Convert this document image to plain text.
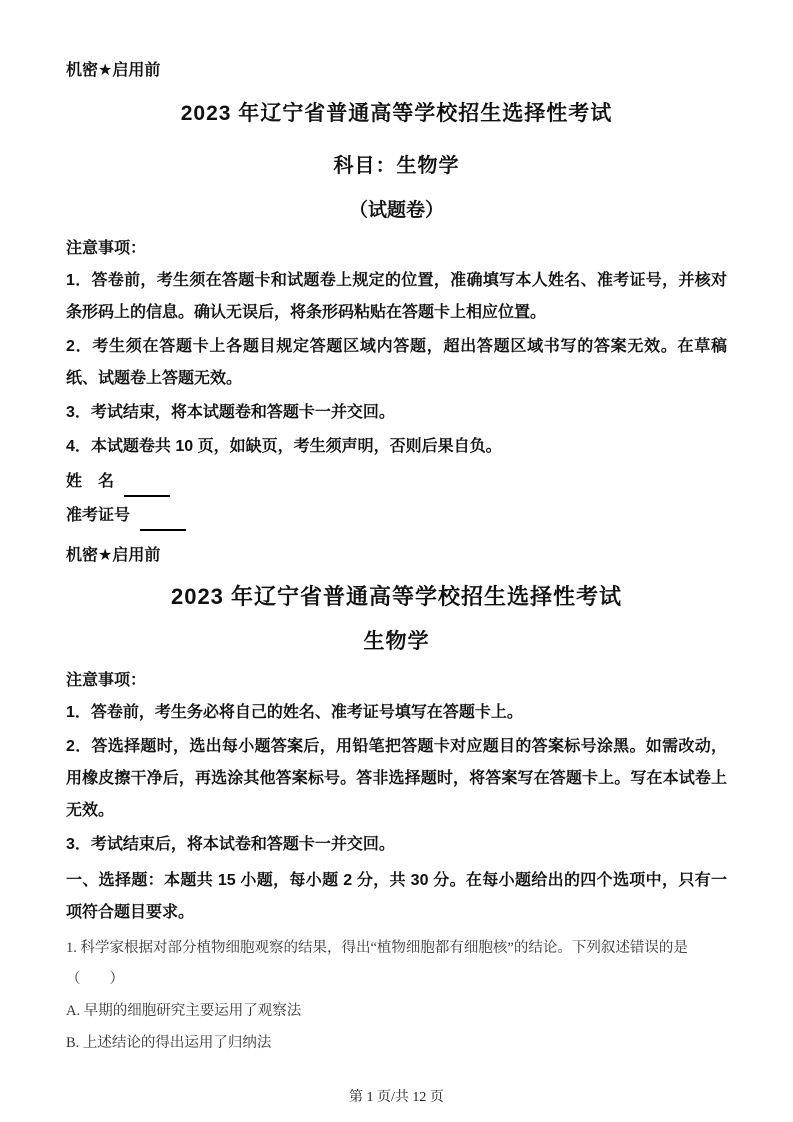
机密★启用前
2023 年辽宁省普通高等学校招生选择性考试
科目：生物学
（试题卷）
注意事项：
1．答卷前，考生须在答题卡和试题卷上规定的位置，准确填写本人姓名、准考证号，并核对条形码上的信息。确认无误后，将条形码粘贴在答题卡上相应位置。
2．考生须在答题卡上各题目规定答题区域内答题，超出答题区域书写的答案无效。在草稿纸、试题卷上答题无效。
3．考试结束，将本试题卷和答题卡一并交回。
4．本试题卷共 10 页，如缺页，考生须声明，否则后果自负。
姓　名
准考证号
机密★启用前
2023 年辽宁省普通高等学校招生选择性考试
生物学
注意事项：
1．答卷前，考生务必将自己的姓名、准考证号填写在答题卡上。
2．答选择题时，选出每小题答案后，用铅笔把答题卡对应题目的答案标号涂黑。如需改动，用橡皮擦干净后，再选涂其他答案标号。答非选择题时，将答案写在答题卡上。写在本试卷上无效。
3．考试结束后，将本试卷和答题卡一并交回。
一、选择题：本题共 15 小题，每小题 2 分，共 30 分。在每小题给出的四个选项中，只有一项符合题目要求。
1. 科学家根据对部分植物细胞观察的结果，得出“植物细胞都有细胞核”的结论。下列叙述错误的是
（　　）
A. 早期的细胞研究主要运用了观察法
B. 上述结论的得出运用了归纳法
第 1 页/共 12 页
